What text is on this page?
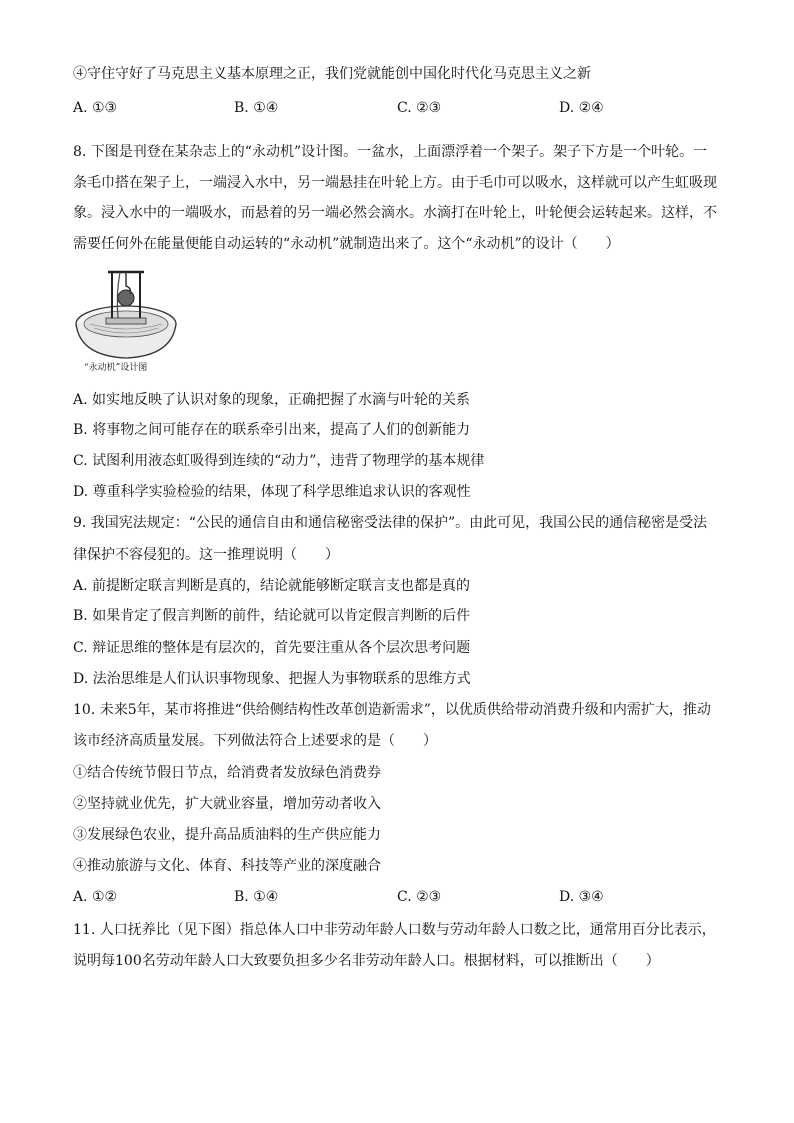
④守住守好了马克思主义基本原理之正，我们党就能创中国化时代化马克思主义之新
A. ①③	B. ①④	C. ②③	D. ②④
8. 下图是刊登在某杂志上的“永动机”设计图。一盆水，上面漂浮着一个架子。架子下方是一个叶轮。一
条毛巾搭在架子上，一端浸入水中，另一端悬挂在叶轮上方。由于毛巾可以吸水，这样就可以产生虹吸现
象。浸入水中的一端吸水，而悬着的另一端必然会滴水。水滴打在叶轮上，叶轮便会运转起来。这样，不
需要任何外在能量便能自动运转的“永动机”就制造出来了。这个“永动机”的设计（　　）
“永动机”设计图
A. 如实地反映了认识对象的现象，正确把握了水滴与叶轮的关系
B. 将事物之间可能存在的联系牵引出来，提高了人们的创新能力
C. 试图利用液态虹吸得到连续的“动力”，违背了物理学的基本规律
D. 尊重科学实验检验的结果，体现了科学思维追求认识的客观性
9. 我国宪法规定：“公民的通信自由和通信秘密受法律的保护”。由此可见，我国公民的通信秘密是受法
律保护不容侵犯的。这一推理说明（　　）
A. 前提断定联言判断是真的，结论就能够断定联言支也都是真的
B. 如果肯定了假言判断的前件，结论就可以肯定假言判断的后件
C. 辩证思维的整体是有层次的，首先要注重从各个层次思考问题
D. 法治思维是人们认识事物现象、把握人为事物联系的思维方式
10. 未来5年，某市将推进“供给侧结构性改革创造新需求”，以优质供给带动消费升级和内需扩大，推动
该市经济高质量发展。下列做法符合上述要求的是（　　）
①结合传统节假日节点，给消费者发放绿色消费券
②坚持就业优先，扩大就业容量，增加劳动者收入
③发展绿色农业，提升高品质油料的生产供应能力
④推动旅游与文化、体育、科技等产业的深度融合
A. ①②	B. ①④	C. ②③	D. ③④
11. 人口抚养比（见下图）指总体人口中非劳动年龄人口数与劳动年龄人口数之比，通常用百分比表示，
说明每100名劳动年龄人口大致要负担多少名非劳动年龄人口。根据材料，可以推断出（　　）
